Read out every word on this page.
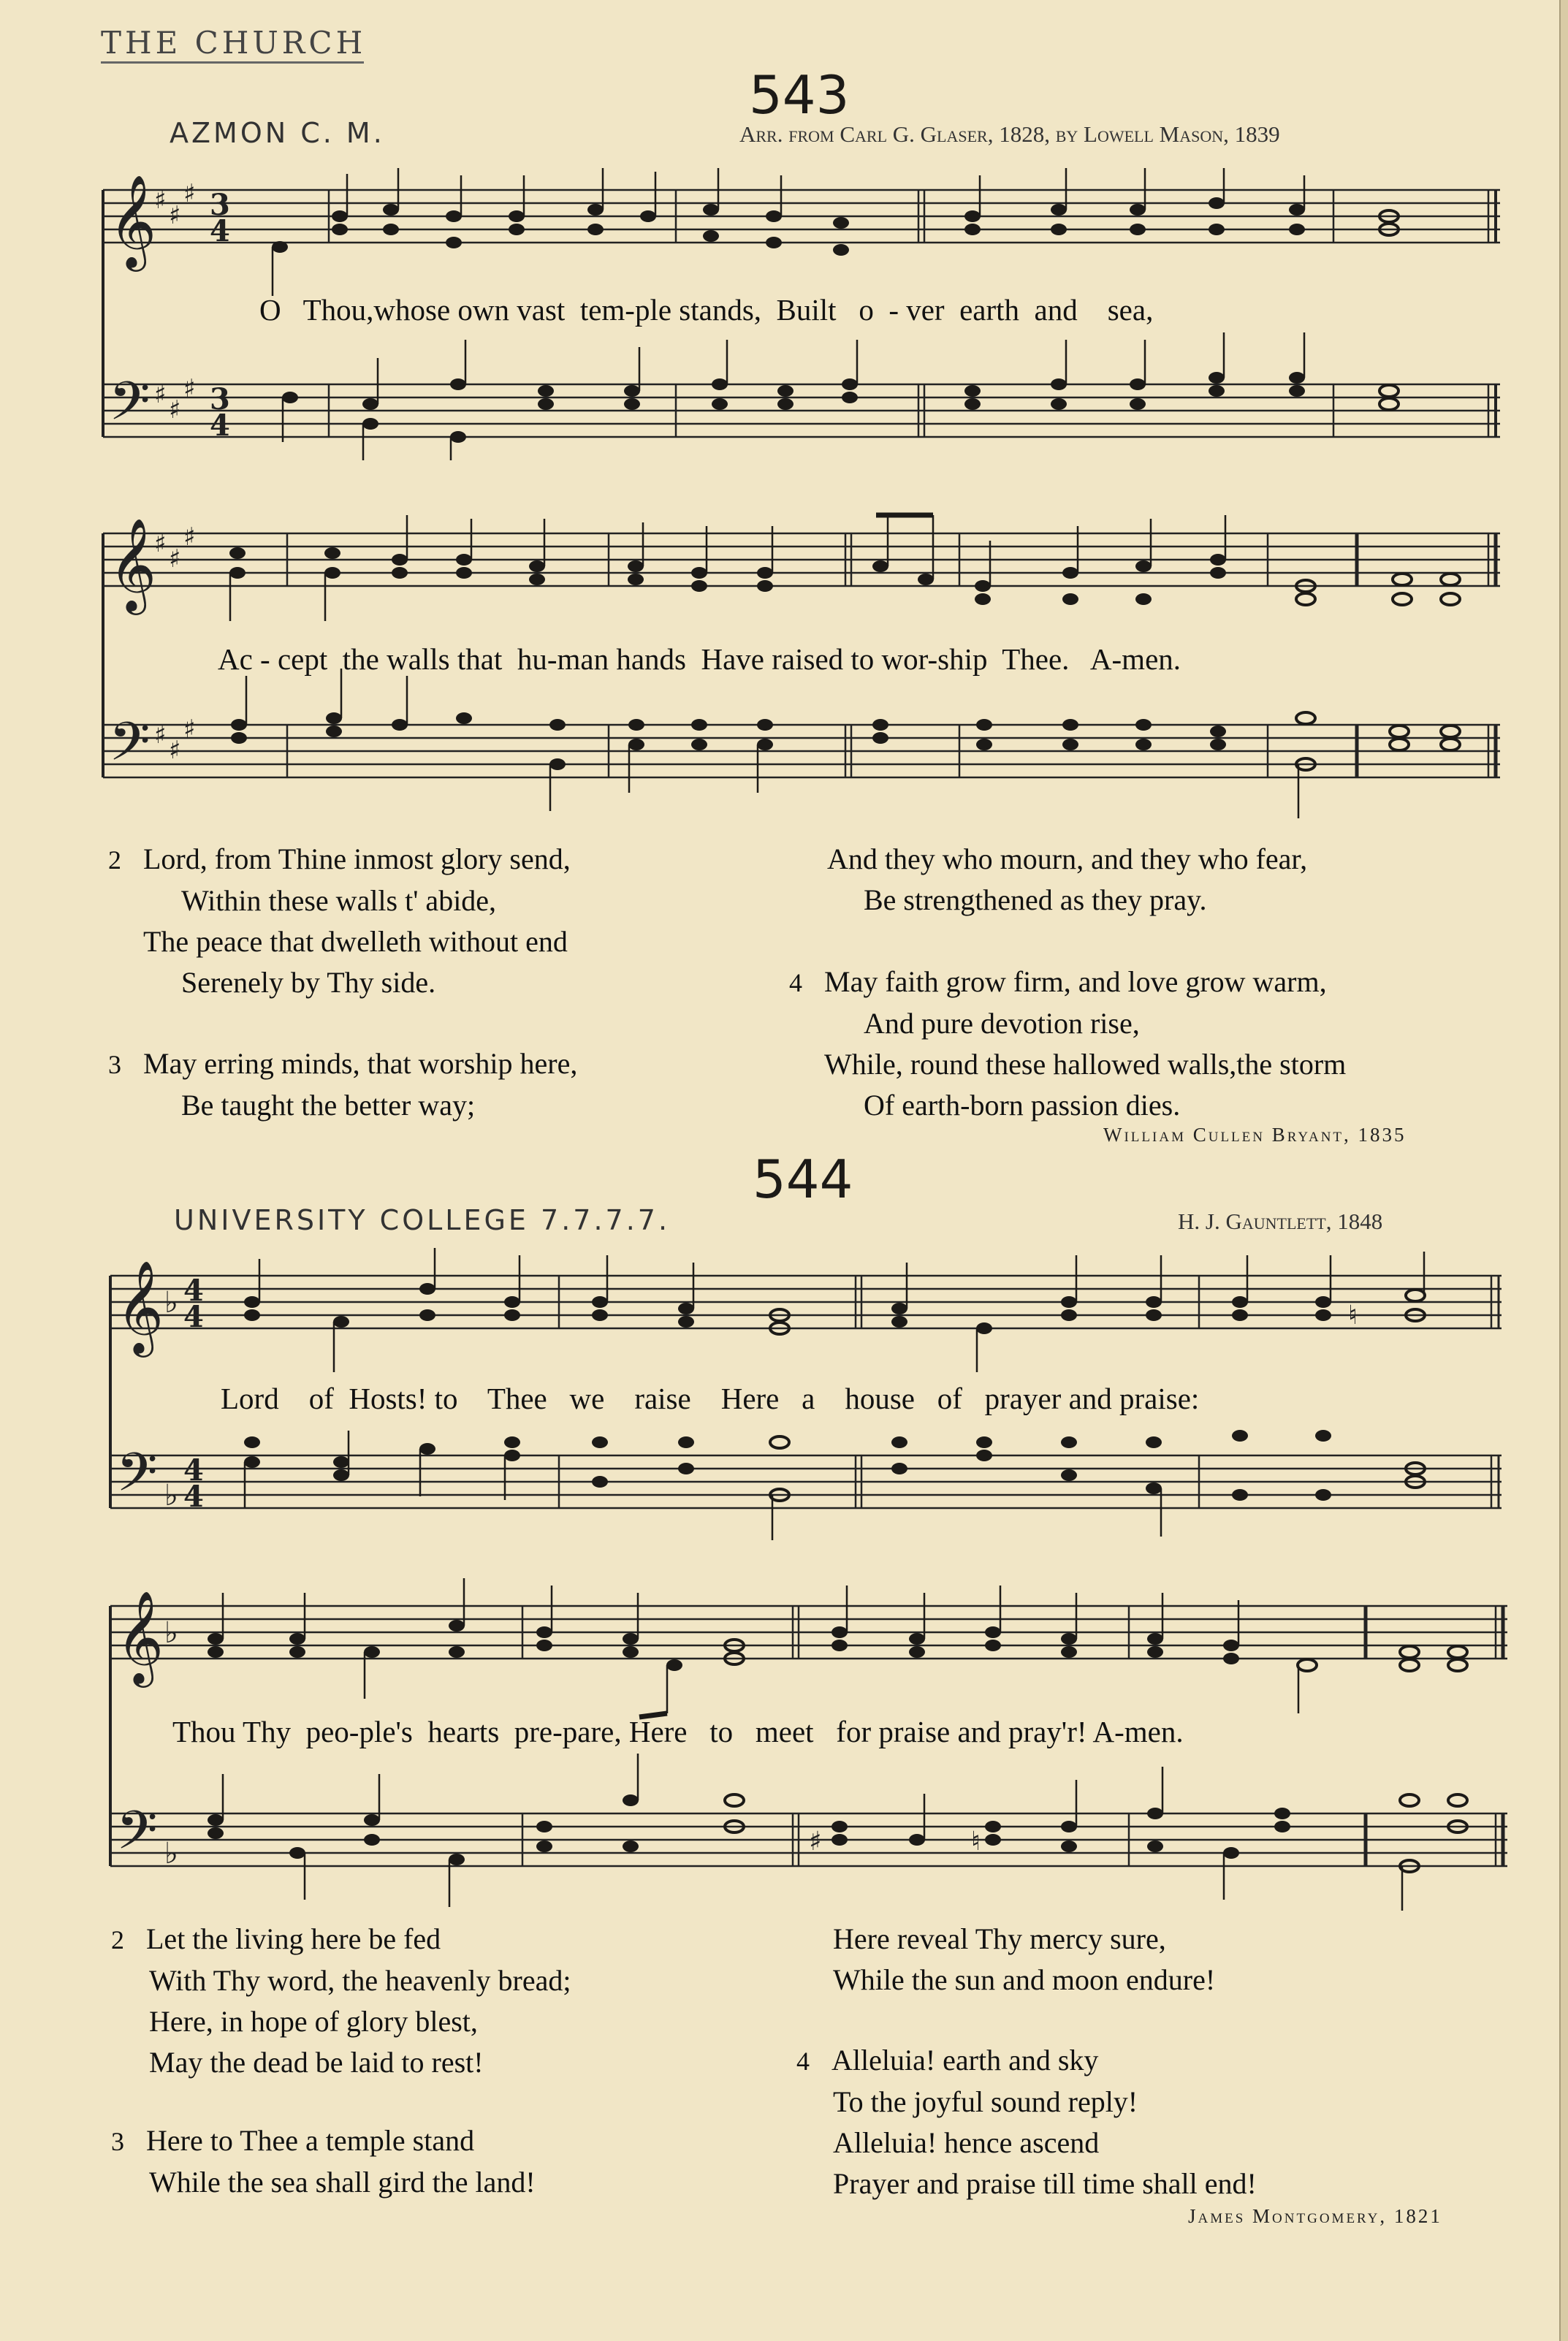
THE CHURCH
543
AZMON C. M.	Arr. from Carl G. Glaser, 1828, by Lowell Mason, 1839
𝄞
𝄢
♯
♯
♯
♯
♯
♯
3
4
3
4
O   Thou,whose own vast  tem-ple stands,  Built   o  - ver  earth  and    sea,
𝄞
𝄢
♯
♯
♯
♯
♯
♯
Ac - cept  the walls that  hu-man hands  Have raised to wor-ship  Thee.   A-men.
2 Lord, from Thine inmost glory send,
Within these walls t' abide,
The peace that dwelleth without end
Serenely by Thy side.
3 May erring minds, that worship here,
Be taught the better way;
And they who mourn, and they who fear,
Be strengthened as they pray.
4 May faith grow firm, and love grow warm,
And pure devotion rise,
While, round these hallowed walls,the storm
Of earth-born passion dies.
William Cullen Bryant, 1835
544
UNIVERSITY COLLEGE 7.7.7.7.	H. J. Gauntlett, 1848
𝄞
𝄢
♭
♭
4
4
4
4
♮
Lord    of  Hosts! to    Thee   we    raise    Here   a    house   of   prayer and praise:
𝄞
𝄢
♭
♭	♯	♮
Thou Thy  peo-ple's  hearts  pre-pare, Here   to   meet   for praise and pray'r! A-men.
2 Let the living here be fed
With Thy word, the heavenly bread;
Here, in hope of glory blest,
May the dead be laid to rest!
3 Here to Thee a temple stand
While the sea shall gird the land!
Here reveal Thy mercy sure,
While the sun and moon endure!
4 Alleluia! earth and sky
To the joyful sound reply!
Alleluia! hence ascend
Prayer and praise till time shall end!
James Montgomery, 1821
